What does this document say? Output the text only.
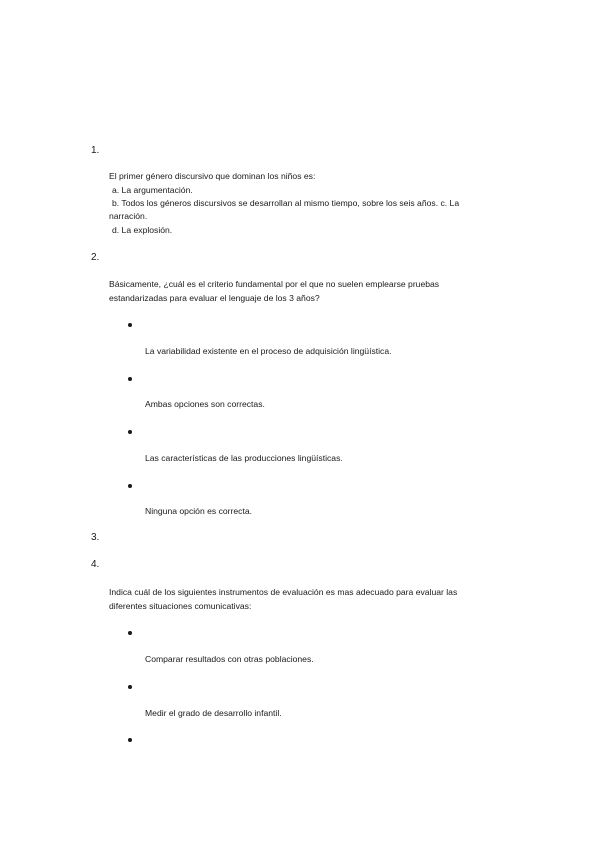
1.
El primer género discursivo que dominan los niños es:
a. La argumentación.
b. Todos los géneros discursivos se desarrollan al mismo tiempo, sobre los seis años. c. La
narración.
d. La explosión.
2.
Básicamente, ¿cuál es el criterio fundamental por el que no suelen emplearse pruebas
estandarizadas para evaluar el lenguaje de los 3 años?
La variabilidad existente en el proceso de adquisición lingüística.
Ambas opciones son correctas.
Las características de las producciones lingüísticas.
Ninguna opción es correcta.
3.
4.
Indica cuál de los siguientes instrumentos de evaluación es mas adecuado para evaluar las
diferentes situaciones comunicativas:
Comparar resultados con otras poblaciones.
Medir el grado de desarrollo infantil.
